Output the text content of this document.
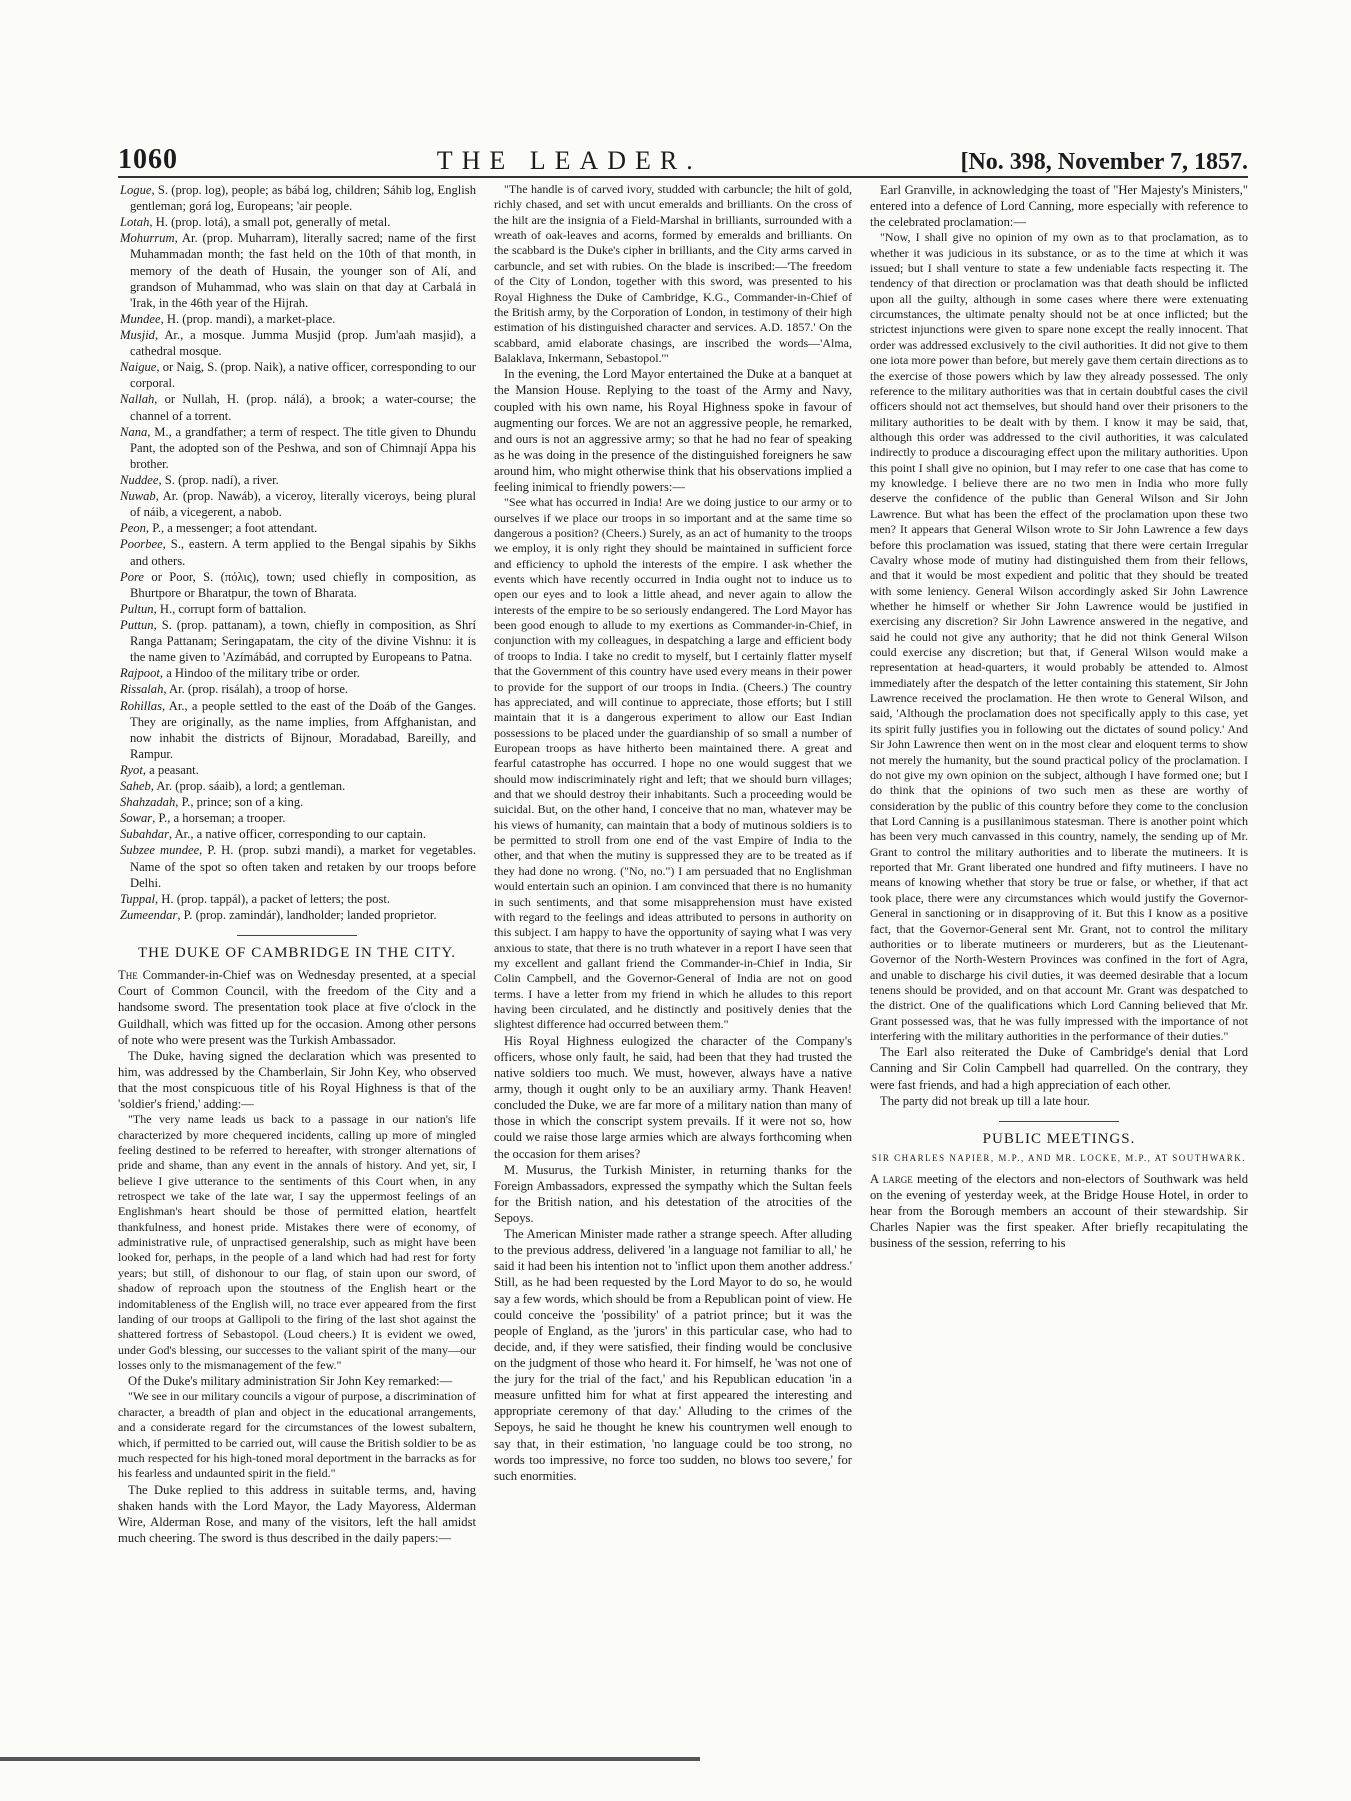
1060	THE LEADER.	[No. 398, November 7, 1857.

Logue, S. (prop. log), people; as bábá log, children; Sáhib log, English gentleman; gorá log, Europeans; 'air people.

Lotah, H. (prop. lotá), a small pot, generally of metal.

Mohurrum, Ar. (prop. Muharram), literally sacred; name of the first Muhammadan month; the fast held on the 10th of that month, in memory of the death of Husain, the younger son of Alí, and grandson of Muhammad, who was slain on that day at Carbalá in 'Irak, in the 46th year of the Hijrah.

Mundee, H. (prop. mandi), a market-place.

Musjid, Ar., a mosque. Jumma Musjid (prop. Jum'aah masjid), a cathedral mosque.

Naigue, or Naig, S. (prop. Naik), a native officer, corresponding to our corporal.

Nallah, or Nullah, H. (prop. nálá), a brook; a water-course; the channel of a torrent.

Nana, M., a grandfather; a term of respect. The title given to Dhundu Pant, the adopted son of the Peshwa, and son of Chimnají Appa his brother.

Nuddee, S. (prop. nadí), a river.

Nuwab, Ar. (prop. Nawáb), a viceroy, literally viceroys, being plural of náib, a vicegerent, a nabob.

Peon, P., a messenger; a foot attendant.

Poorbee, S., eastern. A term applied to the Bengal sipahis by Sikhs and others.

Pore or Poor, S. (πόλις), town; used chiefly in composition, as Bhurtpore or Bharatpur, the town of Bharata.

Pultun, H., corrupt form of battalion.

Puttun, S. (prop. pattanam), a town, chiefly in composition, as Shrí Ranga Pattanam; Seringapatam, the city of the divine Vishnu: it is the name given to 'Azímábád, and corrupted by Europeans to Patna.

Rajpoot, a Hindoo of the military tribe or order.

Rissalah, Ar. (prop. risálah), a troop of horse.

Rohillas, Ar., a people settled to the east of the Doáb of the Ganges. They are originally, as the name implies, from Affghanistan, and now inhabit the districts of Bijnour, Moradabad, Bareilly, and Rampur.

Ryot, a peasant.

Saheb, Ar. (prop. sáaib), a lord; a gentleman.

Shahzadah, P., prince; son of a king.

Sowar, P., a horseman; a trooper.

Subahdar, Ar., a native officer, corresponding to our captain.

Subzee mundee, P. H. (prop. subzi mandi), a market for vegetables. Name of the spot so often taken and retaken by our troops before Delhi.

Tuppal, H. (prop. tappál), a packet of letters; the post.

Zumeendar, P. (prop. zamindár), landholder; landed proprietor.

THE DUKE OF CAMBRIDGE IN THE CITY.

The Commander-in-Chief was on Wednesday presented, at a special Court of Common Council, with the freedom of the City and a handsome sword. The presentation took place at five o'clock in the Guildhall, which was fitted up for the occasion. Among other persons of note who were present was the Turkish Ambassador.

The Duke, having signed the declaration which was presented to him, was addressed by the Chamberlain, Sir John Key, who observed that the most conspicuous title of his Royal Highness is that of the 'soldier's friend,' adding:—

"The very name leads us back to a passage in our nation's life characterized by more chequered incidents, calling up more of mingled feeling destined to be referred to hereafter, with stronger alternations of pride and shame, than any event in the annals of history. And yet, sir, I believe I give utterance to the sentiments of this Court when, in any retrospect we take of the late war, I say the uppermost feelings of an Englishman's heart should be those of permitted elation, heartfelt thankfulness, and honest pride. Mistakes there were of economy, of administrative rule, of unpractised generalship, such as might have been looked for, perhaps, in the people of a land which had had rest for forty years; but still, of dishonour to our flag, of stain upon our sword, of shadow of reproach upon the stoutness of the English heart or the indomitableness of the English will, no trace ever appeared from the first landing of our troops at Gallipoli to the firing of the last shot against the shattered fortress of Sebastopol. (Loud cheers.) It is evident we owed, under God's blessing, our successes to the valiant spirit of the many—our losses only to the mismanagement of the few."

Of the Duke's military administration Sir John Key remarked:—

"We see in our military councils a vigour of purpose, a discrimination of character, a breadth of plan and object in the educational arrangements, and a considerate regard for the circumstances of the lowest subaltern, which, if permitted to be carried out, will cause the British soldier to be as much respected for his high-toned moral deportment in the barracks as for his fearless and undaunted spirit in the field."

The Duke replied to this address in suitable terms, and, having shaken hands with the Lord Mayor, the Lady Mayoress, Alderman Wire, Alderman Rose, and many of the visitors, left the hall amidst much cheering. The sword is thus described in the daily papers:—

"The handle is of carved ivory, studded with carbuncle; the hilt of gold, richly chased, and set with uncut emeralds and brilliants. On the cross of the hilt are the insignia of a Field-Marshal in brilliants, surrounded with a wreath of oak-leaves and acorns, formed by emeralds and brilliants. On the scabbard is the Duke's cipher in brilliants, and the City arms carved in carbuncle, and set with rubies. On the blade is inscribed:—'The freedom of the City of London, together with this sword, was presented to his Royal Highness the Duke of Cambridge, K.G., Commander-in-Chief of the British army, by the Corporation of London, in testimony of their high estimation of his distinguished character and services. A.D. 1857.' On the scabbard, amid elaborate chasings, are inscribed the words—'Alma, Balaklava, Inkermann, Sebastopol.'"

In the evening, the Lord Mayor entertained the Duke at a banquet at the Mansion House. Replying to the toast of the Army and Navy, coupled with his own name, his Royal Highness spoke in favour of augmenting our forces. We are not an aggressive people, he remarked, and ours is not an aggressive army; so that he had no fear of speaking as he was doing in the presence of the distinguished foreigners he saw around him, who might otherwise think that his observations implied a feeling inimical to friendly powers:—

"See what has occurred in India! Are we doing justice to our army or to ourselves if we place our troops in so important and at the same time so dangerous a position? (Cheers.) Surely, as an act of humanity to the troops we employ, it is only right they should be maintained in sufficient force and efficiency to uphold the interests of the empire. I ask whether the events which have recently occurred in India ought not to induce us to open our eyes and to look a little ahead, and never again to allow the interests of the empire to be so seriously endangered. The Lord Mayor has been good enough to allude to my exertions as Commander-in-Chief, in conjunction with my colleagues, in despatching a large and efficient body of troops to India. I take no credit to myself, but I certainly flatter myself that the Government of this country have used every means in their power to provide for the support of our troops in India. (Cheers.) The country has appreciated, and will continue to appreciate, those efforts; but I still maintain that it is a dangerous experiment to allow our East Indian possessions to be placed under the guardianship of so small a number of European troops as have hitherto been maintained there. A great and fearful catastrophe has occurred. I hope no one would suggest that we should mow indiscriminately right and left; that we should burn villages; and that we should destroy their inhabitants. Such a proceeding would be suicidal. But, on the other hand, I conceive that no man, whatever may be his views of humanity, can maintain that a body of mutinous soldiers is to be permitted to stroll from one end of the vast Empire of India to the other, and that when the mutiny is suppressed they are to be treated as if they had done no wrong. ("No, no.") I am persuaded that no Englishman would entertain such an opinion. I am convinced that there is no humanity in such sentiments, and that some misapprehension must have existed with regard to the feelings and ideas attributed to persons in authority on this subject. I am happy to have the opportunity of saying what I was very anxious to state, that there is no truth whatever in a report I have seen that my excellent and gallant friend the Commander-in-Chief in India, Sir Colin Campbell, and the Governor-General of India are not on good terms. I have a letter from my friend in which he alludes to this report having been circulated, and he distinctly and positively denies that the slightest difference had occurred between them."

His Royal Highness eulogized the character of the Company's officers, whose only fault, he said, had been that they had trusted the native soldiers too much. We must, however, always have a native army, though it ought only to be an auxiliary army. Thank Heaven! concluded the Duke, we are far more of a military nation than many of those in which the conscript system prevails. If it were not so, how could we raise those large armies which are always forthcoming when the occasion for them arises?

M. Musurus, the Turkish Minister, in returning thanks for the Foreign Ambassadors, expressed the sympathy which the Sultan feels for the British nation, and his detestation of the atrocities of the Sepoys.

The American Minister made rather a strange speech. After alluding to the previous address, delivered 'in a language not familiar to all,' he said it had been his intention not to 'inflict upon them another address.' Still, as he had been requested by the Lord Mayor to do so, he would say a few words, which should be from a Republican point of view. He could conceive the 'possibility' of a patriot prince; but it was the people of England, as the 'jurors' in this particular case, who had to decide, and, if they were satisfied, their finding would be conclusive on the judgment of those who heard it. For himself, he 'was not one of the jury for the trial of the fact,' and his Republican education 'in a measure unfitted him for what at first appeared the interesting and appropriate ceremony of that day.' Alluding to the crimes of the Sepoys, he said he thought he knew his countrymen well enough to say that, in their estimation, 'no language could be too strong, no words too impressive, no force too sudden, no blows too severe,' for such enormities.

Earl Granville, in acknowledging the toast of "Her Majesty's Ministers," entered into a defence of Lord Canning, more especially with reference to the celebrated proclamation:—

"Now, I shall give no opinion of my own as to that proclamation, as to whether it was judicious in its substance, or as to the time at which it was issued; but I shall venture to state a few undeniable facts respecting it. The tendency of that direction or proclamation was that death should be inflicted upon all the guilty, although in some cases where there were extenuating circumstances, the ultimate penalty should not be at once inflicted; but the strictest injunctions were given to spare none except the really innocent. That order was addressed exclusively to the civil authorities. It did not give to them one iota more power than before, but merely gave them certain directions as to the exercise of those powers which by law they already possessed. The only reference to the military authorities was that in certain doubtful cases the civil officers should not act themselves, but should hand over their prisoners to the military authorities to be dealt with by them. I know it may be said, that, although this order was addressed to the civil authorities, it was calculated indirectly to produce a discouraging effect upon the military authorities. Upon this point I shall give no opinion, but I may refer to one case that has come to my knowledge. I believe there are no two men in India who more fully deserve the confidence of the public than General Wilson and Sir John Lawrence. But what has been the effect of the proclamation upon these two men? It appears that General Wilson wrote to Sir John Lawrence a few days before this proclamation was issued, stating that there were certain Irregular Cavalry whose mode of mutiny had distinguished them from their fellows, and that it would be most expedient and politic that they should be treated with some leniency. General Wilson accordingly asked Sir John Lawrence whether he himself or whether Sir John Lawrence would be justified in exercising any discretion? Sir John Lawrence answered in the negative, and said he could not give any authority; that he did not think General Wilson could exercise any discretion; but that, if General Wilson would make a representation at head-quarters, it would probably be attended to. Almost immediately after the despatch of the letter containing this statement, Sir John Lawrence received the proclamation. He then wrote to General Wilson, and said, 'Although the proclamation does not specifically apply to this case, yet its spirit fully justifies you in following out the dictates of sound policy.' And Sir John Lawrence then went on in the most clear and eloquent terms to show not merely the humanity, but the sound practical policy of the proclamation. I do not give my own opinion on the subject, although I have formed one; but I do think that the opinions of two such men as these are worthy of consideration by the public of this country before they come to the conclusion that Lord Canning is a pusillanimous statesman. There is another point which has been very much canvassed in this country, namely, the sending up of Mr. Grant to control the military authorities and to liberate the mutineers. It is reported that Mr. Grant liberated one hundred and fifty mutineers. I have no means of knowing whether that story be true or false, or whether, if that act took place, there were any circumstances which would justify the Governor-General in sanctioning or in disapproving of it. But this I know as a positive fact, that the Governor-General sent Mr. Grant, not to control the military authorities or to liberate mutineers or murderers, but as the Lieutenant-Governor of the North-Western Provinces was confined in the fort of Agra, and unable to discharge his civil duties, it was deemed desirable that a locum tenens should be provided, and on that account Mr. Grant was despatched to the district. One of the qualifications which Lord Canning believed that Mr. Grant possessed was, that he was fully impressed with the importance of not interfering with the military authorities in the performance of their duties."

The Earl also reiterated the Duke of Cambridge's denial that Lord Canning and Sir Colin Campbell had quarrelled. On the contrary, they were fast friends, and had a high appreciation of each other.

The party did not break up till a late hour.

PUBLIC MEETINGS.
SIR CHARLES NAPIER, M.P., AND MR. LOCKE, M.P., AT SOUTHWARK.

A large meeting of the electors and non-electors of Southwark was held on the evening of yesterday week, at the Bridge House Hotel, in order to hear from the Borough members an account of their stewardship. Sir Charles Napier was the first speaker. After briefly recapitulating the business of the session, referring to his
